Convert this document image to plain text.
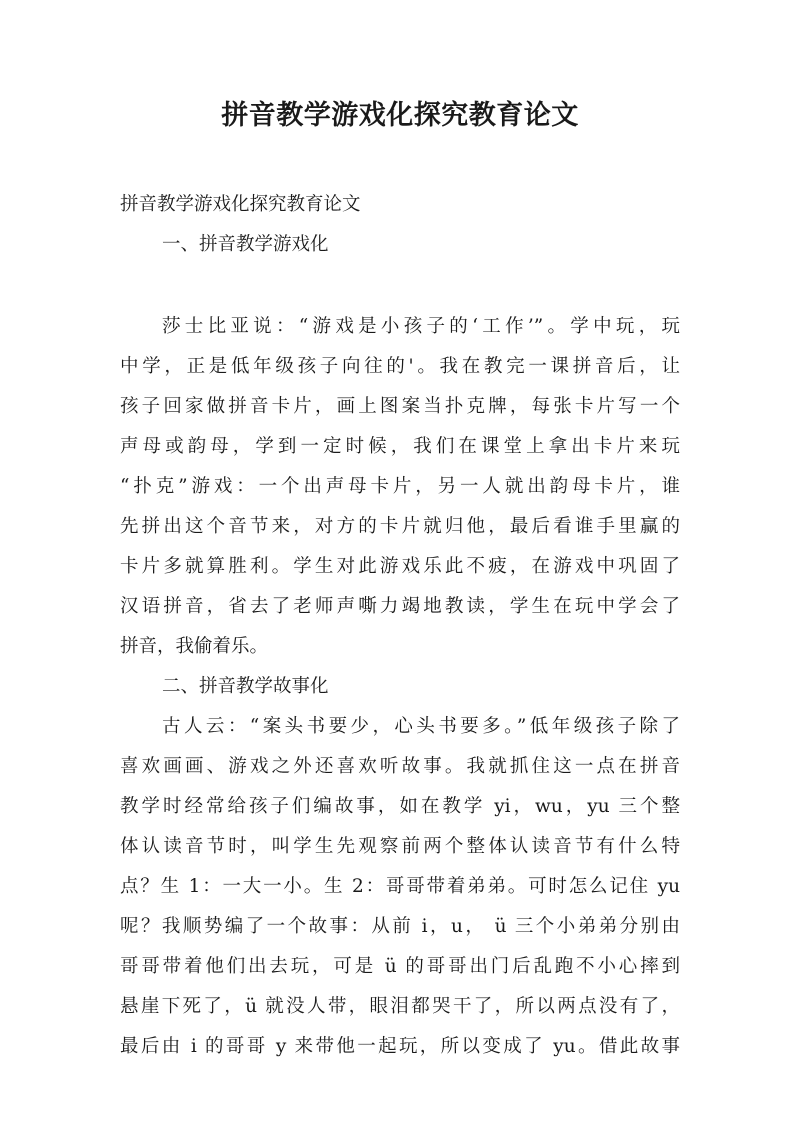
拼音教学游戏化探究教育论文
拼音教学游戏化探究教育论文
一、拼音教学游戏化
莎士比亚说：“游戏是小孩子的‘工作’”。学中玩，玩
中学，正是低年级孩子向往的'。我在教完一课拼音后，让
孩子回家做拼音卡片，画上图案当扑克牌，每张卡片写一个
声母或韵母，学到一定时候，我们在课堂上拿出卡片来玩
“扑克”游戏：一个出声母卡片，另一人就出韵母卡片，谁
先拼出这个音节来，对方的卡片就归他，最后看谁手里赢的
卡片多就算胜利。学生对此游戏乐此不疲，在游戏中巩固了
汉语拼音，省去了老师声嘶力竭地教读，学生在玩中学会了
拼音，我偷着乐。
二、拼音教学故事化
古人云：“案头书要少，心头书要多。”低年级孩子除了
喜欢画画、游戏之外还喜欢听故事。我就抓住这一点在拼音
教学时经常给孩子们编故事，如在教学 yi，wu，yu 三个整
体认读音节时，叫学生先观察前两个整体认读音节有什么特
点？生 1：一大一小。生 2：哥哥带着弟弟。可时怎么记住 yu
呢？我顺势编了一个故事：从前 i，u， ü 三个小弟弟分别由
哥哥带着他们出去玩，可是 ü 的哥哥出门后乱跑不小心摔到
悬崖下死了，ü 就没人带，眼泪都哭干了，所以两点没有了，
最后由 i 的哥哥 y 来带他一起玩，所以变成了 yu。借此故事
